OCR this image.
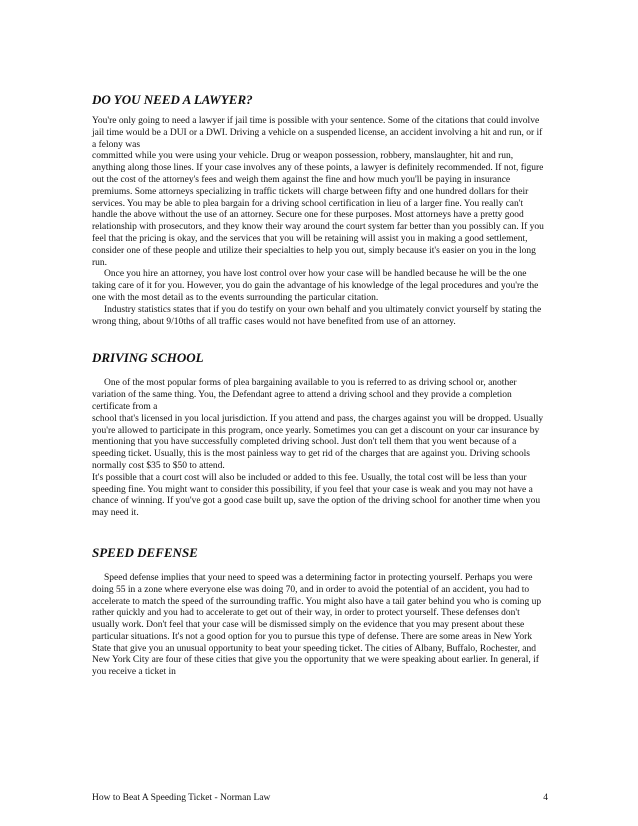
DO YOU NEED A LAWYER?

You're only going to need a lawyer if jail time is possible with your sentence. Some of the citations that could involve jail time would be a DUI or a DWI. Driving a vehicle on a suspended license, an accident involving a hit and run, or if a felony was

committed while you were using your vehicle. Drug or weapon possession, robbery, manslaughter, hit and run, anything along those lines. If your case involves any of these points, a lawyer is definitely recommended. If not, figure out the cost of the attorney's fees and weigh them against the fine and how much you'll be paying in insurance premiums. Some attorneys specializing in traffic tickets will charge between fifty and one hundred dollars for their services. You may be able to plea bargain for a driving school certification in lieu of a larger fine. You really can't handle the above without the use of an attorney. Secure one for these purposes. Most attorneys have a pretty good relationship with prosecutors, and they know their way around the court system far better than you possibly can. If you feel that the pricing is okay, and the services that you will be retaining will assist you in making a good settlement, consider one of these people and utilize their specialties to help you out, simply because it's easier on you in the long run.

Once you hire an attorney, you have lost control over how your case will be handled because he will be the one taking care of it for you. However, you do gain the advantage of his knowledge of the legal procedures and you're the one with the most detail as to the events surrounding the particular citation.

Industry statistics states that if you do testify on your own behalf and you ultimately convict yourself by stating the wrong thing, about 9/10ths of all traffic cases would not have benefited from use of an attorney.

DRIVING SCHOOL

One of the most popular forms of plea bargaining available to you is referred to as driving school or, another variation of the same thing. You, the Defendant agree to attend a driving school and they provide a completion certificate from a

school that's licensed in you local jurisdiction. If you attend and pass, the charges against you will be dropped. Usually you're allowed to participate in this program, once yearly. Sometimes you can get a discount on your car insurance by mentioning that you have successfully completed driving school. Just don't tell them that you went because of a speeding ticket. Usually, this is the most painless way to get rid of the charges that are against you. Driving schools normally cost $35 to $50 to attend.

It's possible that a court cost will also be included or added to this fee. Usually, the total cost will be less than your speeding fine. You might want to consider this possibility, if you feel that your case is weak and you may not have a chance of winning. If you've got a good case built up, save the option of the driving school for another time when you may need it.

SPEED DEFENSE

Speed defense implies that your need to speed was a determining factor in protecting yourself. Perhaps you were doing 55 in a zone where everyone else was doing 70, and in order to avoid the potential of an accident, you had to accelerate to match the speed of the surrounding traffic. You might also have a tail gater behind you who is coming up rather quickly and you had to accelerate to get out of their way, in order to protect yourself. These defenses don't usually work. Don't feel that your case will be dismissed simply on the evidence that you may present about these particular situations. It's not a good option for you to pursue this type of defense. There are some areas in New York State that give you an unusual opportunity to beat your speeding ticket. The cities of Albany, Buffalo, Rochester, and New York City are four of these cities that give you the opportunity that we were speaking about earlier. In general, if you receive a ticket in

How to Beat A Speeding Ticket - Norman Law	4
